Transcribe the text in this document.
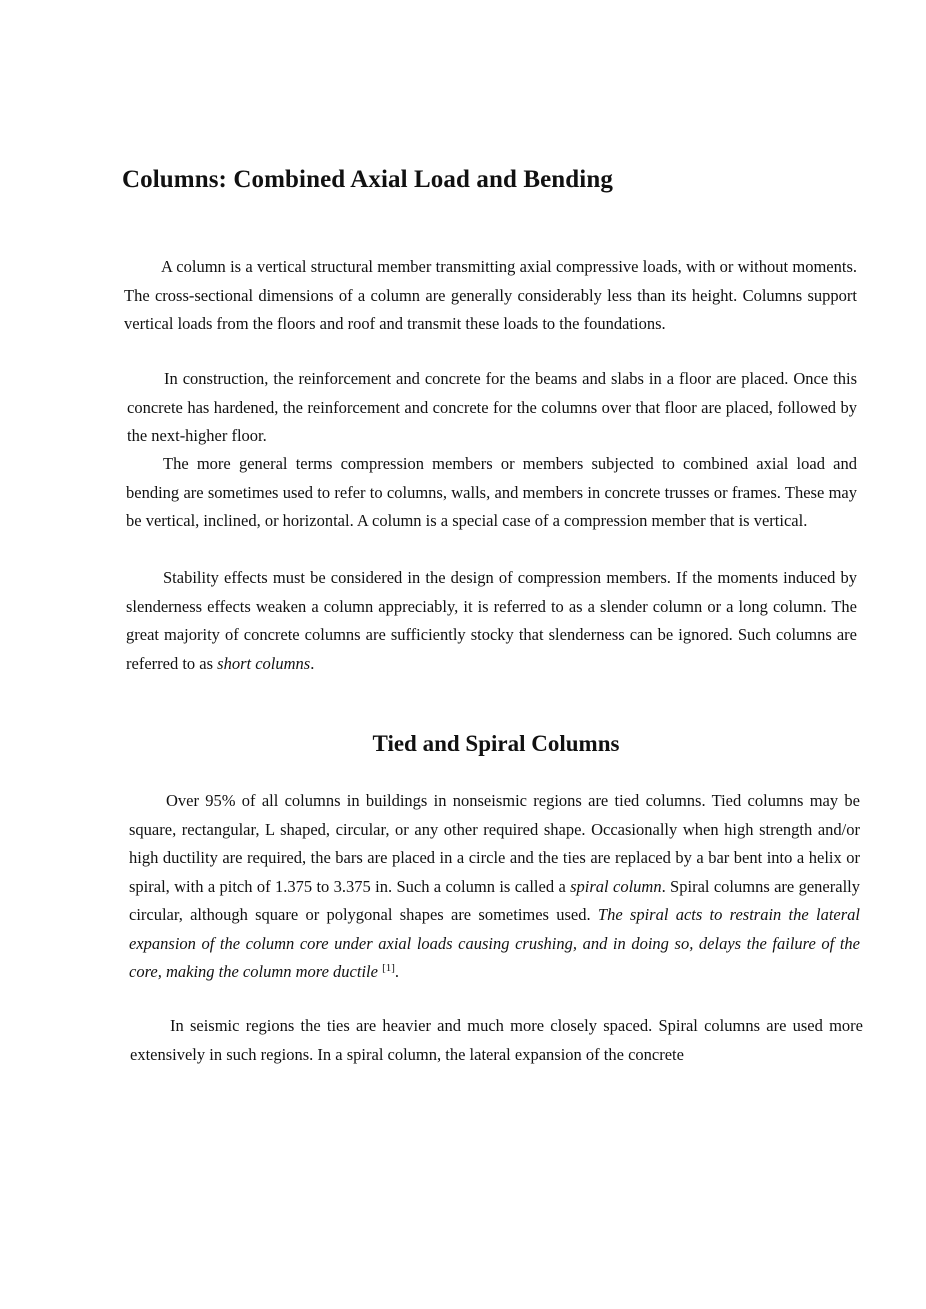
Columns: Combined Axial Load and Bending

A column is a vertical structural member transmitting axial compressive loads, with or without moments. The cross-sectional dimensions of a column are generally considerably less than its height. Columns support vertical loads from the floors and roof and transmit these loads to the foundations.

In construction, the reinforcement and concrete for the beams and slabs in a floor are placed. Once this concrete has hardened, the reinforcement and concrete for the columns over that floor are placed, followed by the next-higher floor.

The more general terms compression members or members subjected to combined axial load and bending are sometimes used to refer to columns, walls, and members in concrete trusses or frames. These may be vertical, inclined, or horizontal. A column is a special case of a compression member that is vertical.

Stability effects must be considered in the design of compression members. If the moments induced by slenderness effects weaken a column appreciably, it is referred to as a slender column or a long column. The great majority of concrete columns are sufficiently stocky that slenderness can be ignored. Such columns are referred to as short columns.

Tied and Spiral Columns

Over 95% of all columns in buildings in nonseismic regions are tied columns. Tied columns may be square, rectangular, L shaped, circular, or any other required shape. Occasionally when high strength and/or high ductility are required, the bars are placed in a circle and the ties are replaced by a bar bent into a helix or spiral, with a pitch of 1.375 to 3.375 in. Such a column is called a spiral column. Spiral columns are generally circular, although square or polygonal shapes are sometimes used. The spiral acts to restrain the lateral expansion of the column core under axial loads causing crushing, and in doing so, delays the failure of the core, making the column more ductile [1].

In seismic regions the ties are heavier and much more closely spaced. Spiral columns are used more extensively in such regions. In a spiral column, the lateral expansion of the concrete
